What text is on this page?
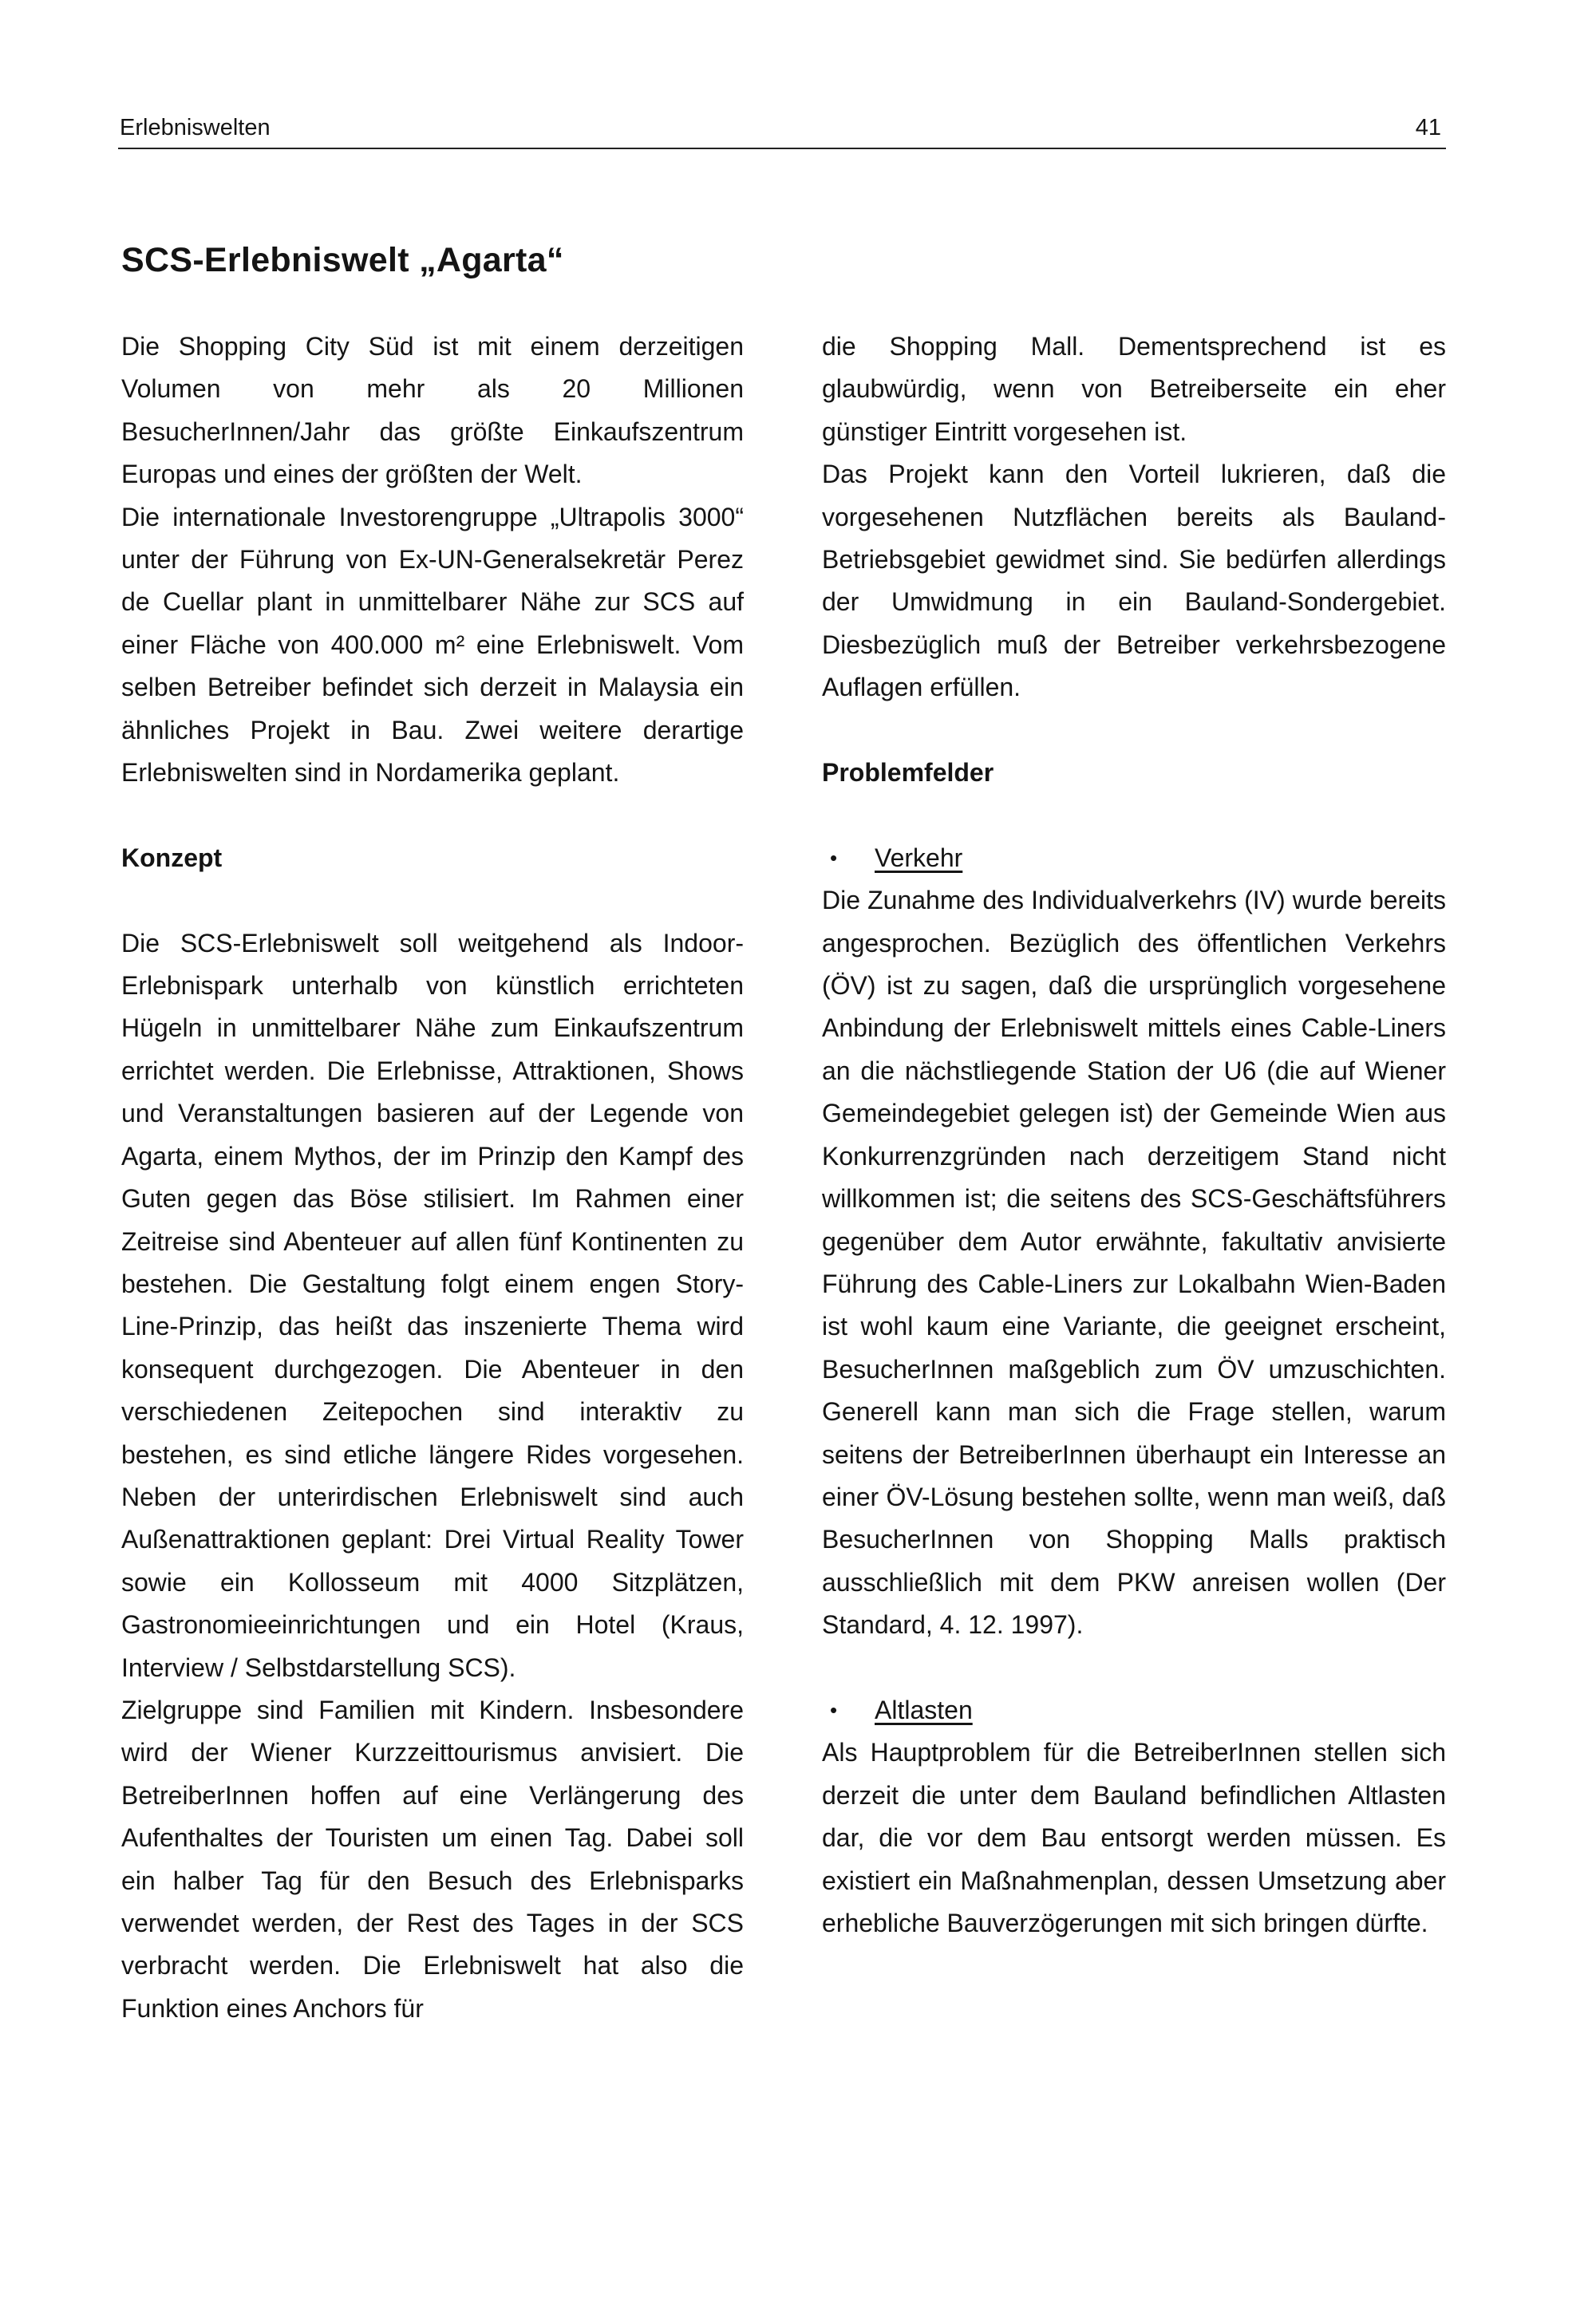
Erlebniswelten	41
SCS-Erlebniswelt „Agarta“

Die Shopping City Süd ist mit einem derzeitigen Volumen von mehr als 20 Millionen BesucherInnen/Jahr das größte Einkaufszentrum Europas und eines der größten der Welt.

Die internationale Investorengruppe „Ultrapolis 3000“ unter der Führung von Ex-UN-Generalsekretär Perez de Cuellar plant in unmittelbarer Nähe zur SCS auf einer Fläche von 400.000 m² eine Erlebniswelt. Vom selben Betreiber befindet sich derzeit in Malaysia ein ähnliches Projekt in Bau. Zwei weitere derartige Erlebniswelten sind in Nordamerika geplant.

Konzept

Die SCS-Erlebniswelt soll weitgehend als Indoor-Erlebnispark unterhalb von künstlich errichteten Hügeln in unmittelbarer Nähe zum Einkaufszentrum errichtet werden. Die Erlebnisse, Attraktionen, Shows und Veranstaltungen basieren auf der Legende von Agarta, einem Mythos, der im Prinzip den Kampf des Guten gegen das Böse stilisiert. Im Rahmen einer Zeitreise sind Abenteuer auf allen fünf Kontinenten zu bestehen. Die Gestaltung folgt einem engen Story-Line-Prinzip, das heißt das inszenierte Thema wird konsequent durchgezogen. Die Abenteuer in den verschiedenen Zeitepochen sind interaktiv zu bestehen, es sind etliche längere Rides vorgesehen. Neben der unterirdischen Erlebniswelt sind auch Außenattraktionen geplant: Drei Virtual Reality Tower sowie ein Kollosseum mit 4000 Sitzplätzen, Gastronomieeinrichtungen und ein Hotel (Kraus, Interview / Selbstdarstellung SCS).

Zielgruppe sind Familien mit Kindern. Insbesondere wird der Wiener Kurzzeittourismus anvisiert. Die BetreiberInnen hoffen auf eine Verlängerung des Aufenthaltes der Touristen um einen Tag. Dabei soll ein halber Tag für den Besuch des Erlebnisparks verwendet werden, der Rest des Tages in der SCS verbracht werden. Die Erlebniswelt hat also die Funktion eines Anchors für

die Shopping Mall. Dementsprechend ist es glaubwürdig, wenn von Betreiberseite ein eher günstiger Eintritt vorgesehen ist.

Das Projekt kann den Vorteil lukrieren, daß die vorgesehenen Nutzflächen bereits als Bauland-Betriebsgebiet gewidmet sind. Sie bedürfen allerdings der Umwidmung in ein Bauland-Sondergebiet. Diesbezüglich muß der Betreiber verkehrsbezogene Auflagen erfüllen.

Problemfelder
• Verkehr

Die Zunahme des Individualverkehrs (IV) wurde bereits angesprochen. Bezüglich des öffentlichen Verkehrs (ÖV) ist zu sagen, daß die ursprünglich vorgesehene Anbindung der Erlebniswelt mittels eines Cable-Liners an die nächstliegende Station der U6 (die auf Wiener Gemeindegebiet gelegen ist) der Gemeinde Wien aus Konkurrenzgründen nach derzeitigem Stand nicht willkommen ist; die seitens des SCS-Geschäftsführers gegenüber dem Autor erwähnte, fakultativ anvisierte Führung des Cable-Liners zur Lokalbahn Wien-Baden ist wohl kaum eine Variante, die geeignet erscheint, BesucherInnen maßgeblich zum ÖV umzuschichten. Generell kann man sich die Frage stellen, warum seitens der BetreiberInnen überhaupt ein Interesse an einer ÖV-Lösung bestehen sollte, wenn man weiß, daß BesucherInnen von Shopping Malls praktisch ausschließlich mit dem PKW anreisen wollen (Der Standard, 4. 12. 1997).

• Altlasten

Als Hauptproblem für die BetreiberInnen stellen sich derzeit die unter dem Bauland befindlichen Altlasten dar, die vor dem Bau entsorgt werden müssen. Es existiert ein Maßnahmenplan, dessen Umsetzung aber erhebliche Bauverzögerungen mit sich bringen dürfte.
